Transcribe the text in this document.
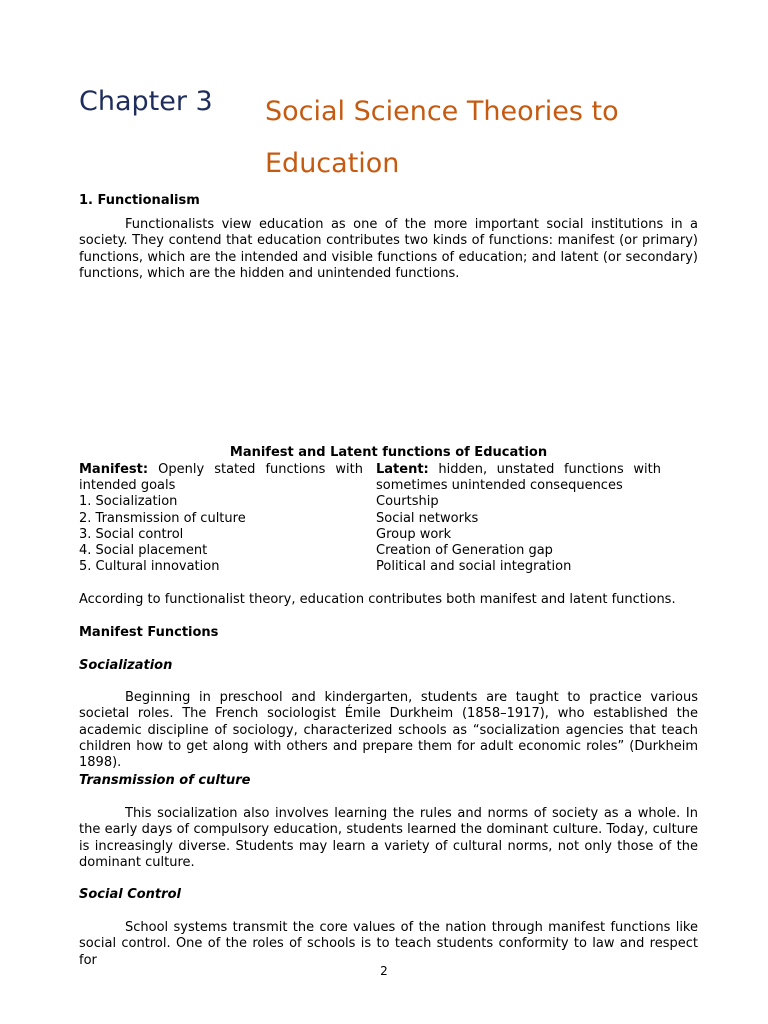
Chapter 3 Social Science Theories to
Education
1. Functionalism

Functionalists view education as one of the more important social institutions in a society. They contend that education contributes two kinds of functions: manifest (or primary) functions, which are the intended and visible functions of education; and latent (or secondary) functions, which are the hidden and unintended functions.

Manifest and Latent functions of Education
Manifest: Openly stated functions with intended goals
1. Socialization
2. Transmission of culture
3. Social control
4. Social placement
5. Cultural innovation
Latent: hidden, unstated functions with sometimes unintended consequences
Courtship
Social networks
Group work
Creation of Generation gap
Political and social integration
According to functionalist theory, education contributes both manifest and latent functions.
Manifest Functions
Socialization

Beginning in preschool and kindergarten, students are taught to practice various societal roles. The French sociologist Émile Durkheim (1858–1917), who established the academic discipline of sociology, characterized schools as “socialization agencies that teach children how to get along with others and prepare them for adult economic roles” (Durkheim 1898).

Transmission of culture

This socialization also involves learning the rules and norms of society as a whole. In the early days of compulsory education, students learned the dominant culture. Today, culture is increasingly diverse. Students may learn a variety of cultural norms, not only those of the dominant culture.

Social Control

School systems transmit the core values of the nation through manifest functions like social control. One of the roles of schools is to teach students conformity to law and respect for

2
